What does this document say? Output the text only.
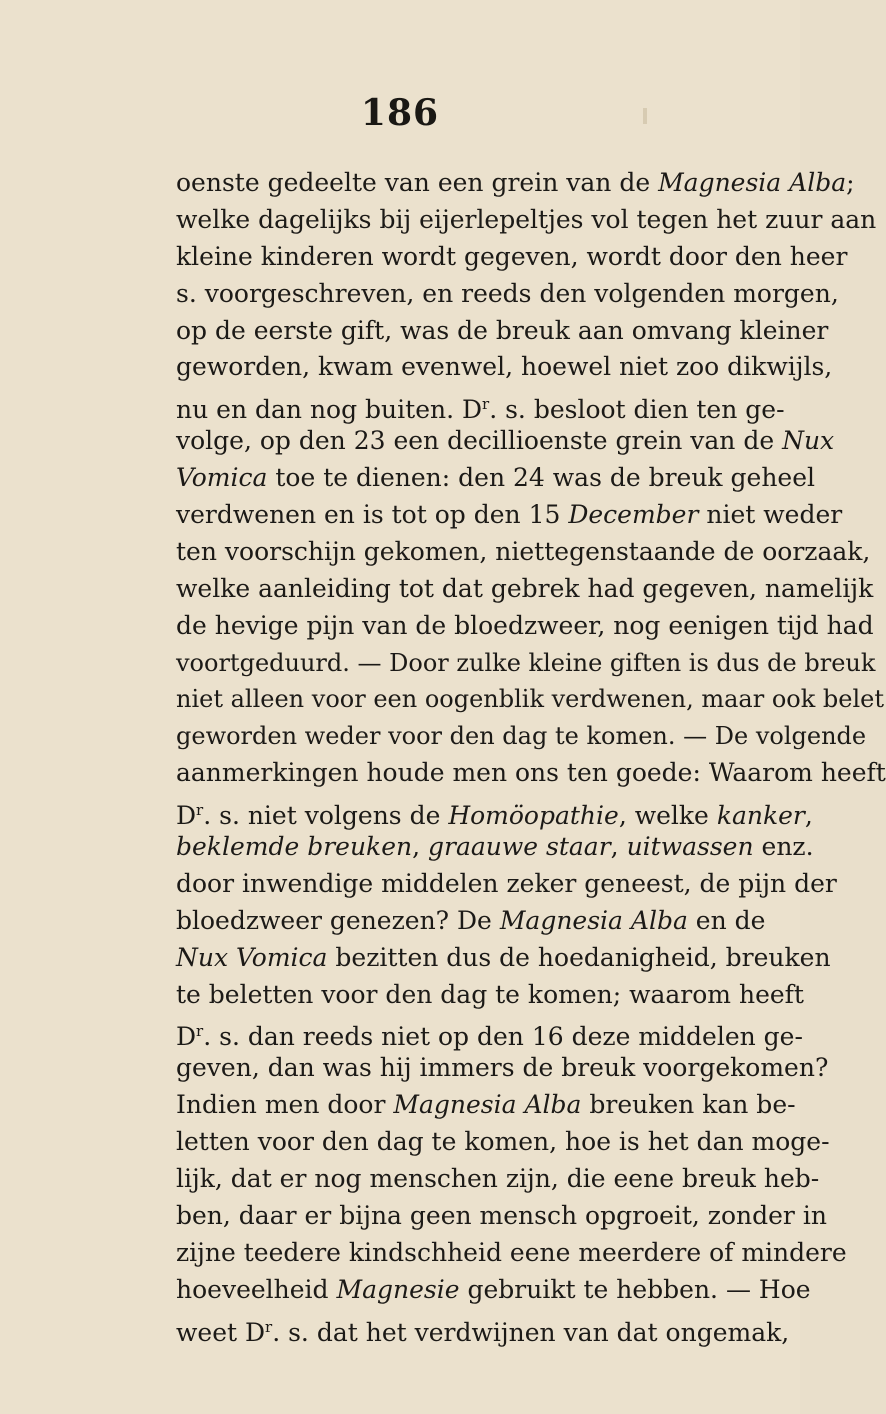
186
oenste gedeelte van een grein van de Magnesia Alba;
welke dagelijks bij eijerlepeltjes vol tegen het zuur aan
kleine kinderen wordt gegeven, wordt door den heer
s. voorgeschreven, en reeds den volgenden morgen,
op de eerste gift, was de breuk aan omvang kleiner
geworden, kwam evenwel, hoewel niet zoo dikwijls,
nu en dan nog buiten. $D^r$. s. besloot dien ten ge-
volge, op den 23 een decillioenste grein van de Nux
Vomica toe te dienen: den 24 was de breuk geheel
verdwenen en is tot op den 15 December niet weder
ten voorschijn gekomen, niettegenstaande de oorzaak,
welke aanleiding tot dat gebrek had gegeven, namelijk
de hevige pijn van de bloedzweer, nog eenigen tijd had
voortgeduurd. — Door zulke kleine giften is dus de breuk
niet alleen voor een oogenblik verdwenen, maar ook belet
geworden weder voor den dag te komen. — De volgende
aanmerkingen houde men ons ten goede: Waarom heeft
$D^r$. s. niet volgens de Homöopathie, welke kanker,
beklemde breuken, graauwe staar, uitwassen enz.
door inwendige middelen zeker geneest, de pijn der
bloedzweer genezen? De Magnesia Alba en de
Nux Vomica bezitten dus de hoedanigheid, breuken
te beletten voor den dag te komen; waarom heeft
$D^r$. s. dan reeds niet op den 16 deze middelen ge-
geven, dan was hij immers de breuk voorgekomen?
Indien men door Magnesia Alba breuken kan be-
letten voor den dag te komen, hoe is het dan moge-
lijk, dat er nog menschen zijn, die eene breuk heb-
ben, daar er bijna geen mensch opgroeit, zonder in
zijne teedere kindschheid eene meerdere of mindere
hoeveelheid Magnesie gebruikt te hebben. — Hoe
weet $D^r$. s. dat het verdwijnen van dat ongemak,
